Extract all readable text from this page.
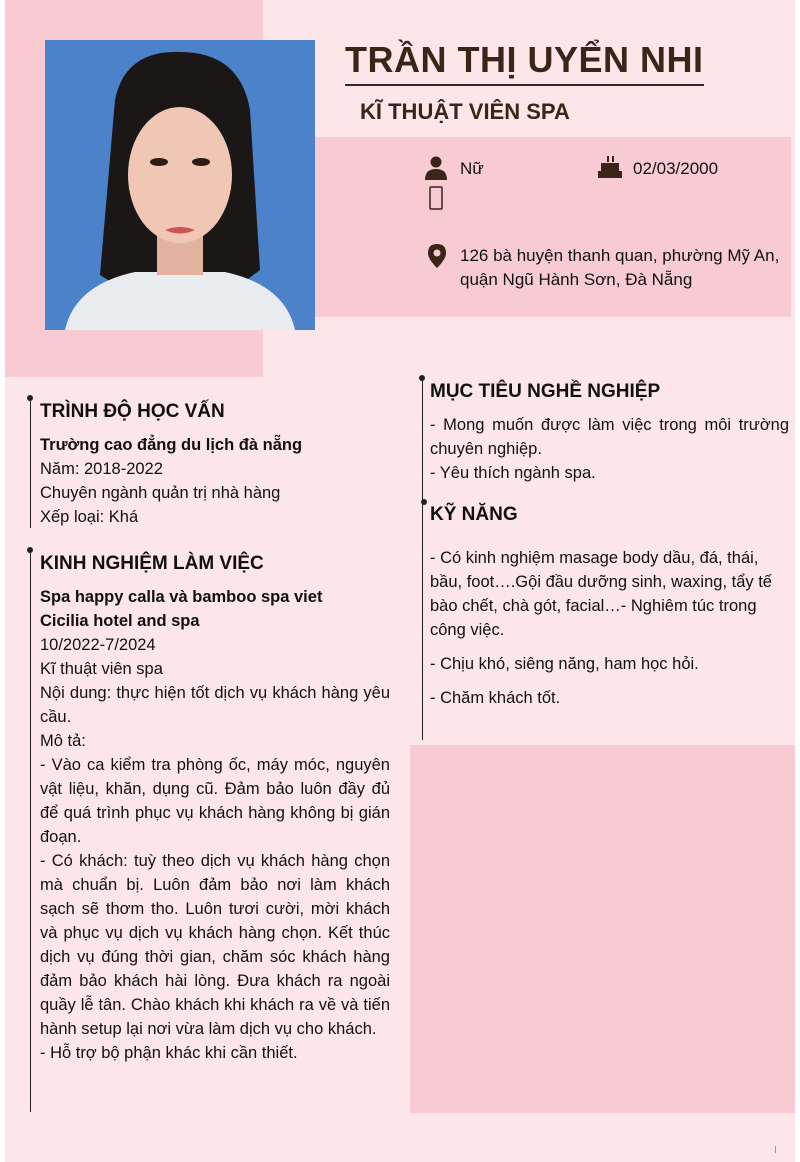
TRẦN THỊ UYỂN NHI
KĨ THUẬT VIÊN SPA
Nữ	02/03/2000
126 bà huyện thanh quan, phường Mỹ An,
quận Ngũ Hành Sơn, Đà Nẵng
TRÌNH ĐỘ HỌC VẤN

Trường cao đẳng du lịch đà nẵng

Năm: 2018-2022

Chuyên ngành quản trị nhà hàng

Xếp loại: Khá

KINH NGHIỆM LÀM VIỆC

Spa happy calla và bamboo spa viet

Cicilia hotel and spa

10/2022-7/2024

Kĩ thuật viên spa

Nội dung: thực hiện tốt dịch vụ khách hàng yêu cầu.

Mô tả:

- Vào ca kiểm tra phòng ốc, máy móc, nguyên vật liệu, khăn, dụng cũ. Đảm bảo luôn đầy đủ để quá trình phục vụ khách hàng không bị gián đoạn.

- Có khách: tuỳ theo dịch vụ khách hàng chọn mà chuẩn bị. Luôn đảm bảo nơi làm khách sạch sẽ thơm tho. Luôn tươi cười, mời khách và phục vụ dịch vụ khách hàng chọn. Kết thúc dịch vụ đúng thời gian, chăm sóc khách hàng đảm bảo khách hài lòng. Đưa khách ra ngoài quầy lễ tân. Chào khách khi khách ra về và tiến hành setup lại nơi vừa làm dịch vụ cho khách.

- Hỗ trợ bộ phận khác khi cần thiết.

MỤC TIÊU NGHỀ NGHIỆP

- Mong muốn được làm việc trong môi trường chuyên nghiệp.

- Yêu thích ngành spa.

KỸ NĂNG

- Có kinh nghiệm masage body dầu, đá, thái, bầu, foot….Gội đầu dưỡng sinh, waxing, tẩy tế bào chết, chà gót, facial…- Nghiêm túc trong công việc.

- Chịu khó, siêng năng, ham học hỏi.

- Chăm khách tốt.
